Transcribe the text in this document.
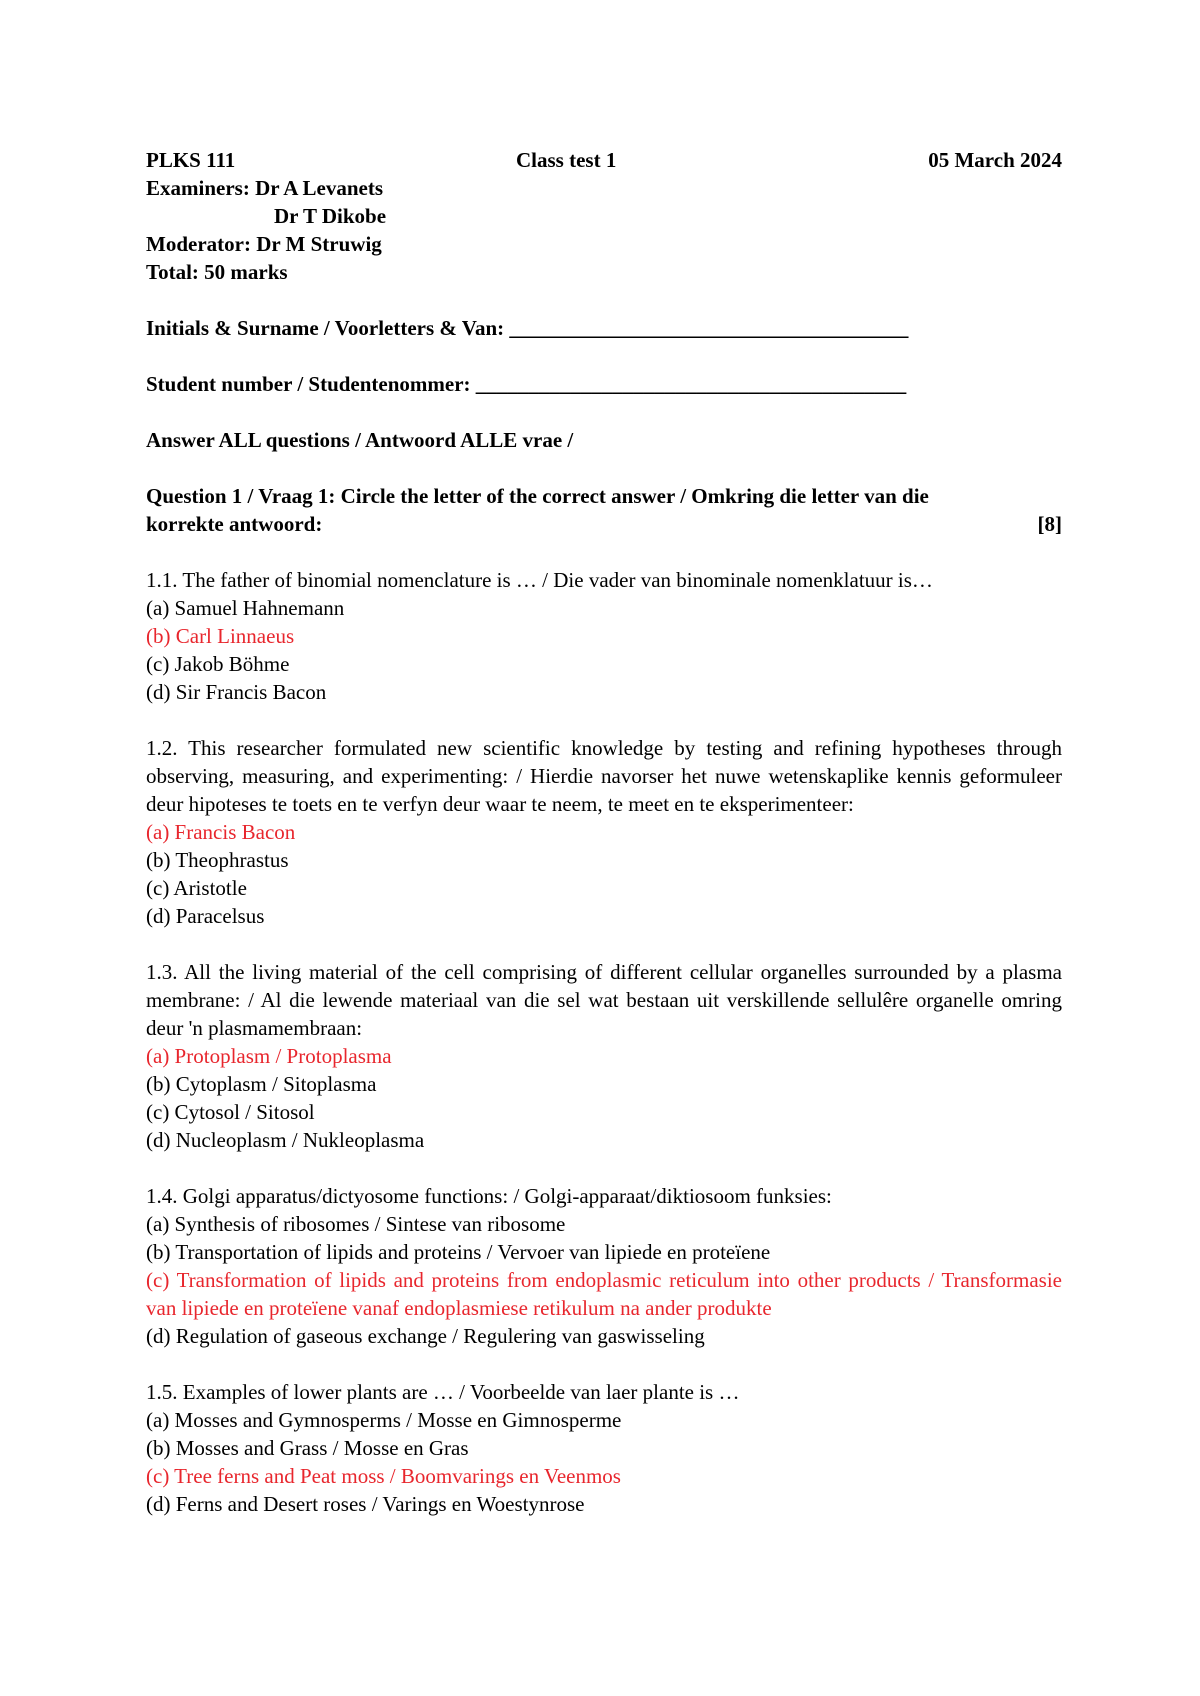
PLKS 111	Class test 1	05 March 2024
Examiners: Dr A Levanets
Dr T Dikobe
Moderator: Dr M Struwig
Total: 50 marks
Initials & Surname / Voorletters & Van: ______________________________________
Student number / Studentenommer: _________________________________________
Answer ALL questions / Antwoord ALLE vrae /
Question 1 / Vraag 1: Circle the letter of the correct answer / Omkring die letter van die
korrekte antwoord:	[8]
1.1. The father of binomial nomenclature is … / Die vader van binominale nomenklatuur is…
(a) Samuel Hahnemann
(b) Carl Linnaeus
(c) Jakob Böhme
(d) Sir Francis Bacon
1.2. This researcher formulated new scientific knowledge by testing and refining hypotheses through observing, measuring, and experimenting: / Hierdie navorser het nuwe wetenskaplike kennis geformuleer deur hipoteses te toets en te verfyn deur waar te neem, te meet en te eksperimenteer:
(a) Francis Bacon
(b) Theophrastus
(c) Aristotle
(d) Paracelsus
1.3. All the living material of the cell comprising of different cellular organelles surrounded by a plasma membrane: / Al die lewende materiaal van die sel wat bestaan uit verskillende sellulêre organelle omring deur 'n plasmamembraan:
(a) Protoplasm / Protoplasma
(b) Cytoplasm / Sitoplasma
(c) Cytosol / Sitosol
(d) Nucleoplasm / Nukleoplasma
1.4. Golgi apparatus/dictyosome functions: / Golgi-apparaat/diktiosoom funksies:
(a) Synthesis of ribosomes / Sintese van ribosome
(b) Transportation of lipids and proteins / Vervoer van lipiede en proteïene
(c) Transformation of lipids and proteins from endoplasmic reticulum into other products / Transformasie van lipiede en proteïene vanaf endoplasmiese retikulum na ander produkte
(d) Regulation of gaseous exchange / Regulering van gaswisseling
1.5. Examples of lower plants are … / Voorbeelde van laer plante is …
(a) Mosses and Gymnosperms / Mosse en Gimnosperme
(b) Mosses and Grass / Mosse en Gras
(c) Tree ferns and Peat moss / Boomvarings en Veenmos
(d) Ferns and Desert roses / Varings en Woestynrose
